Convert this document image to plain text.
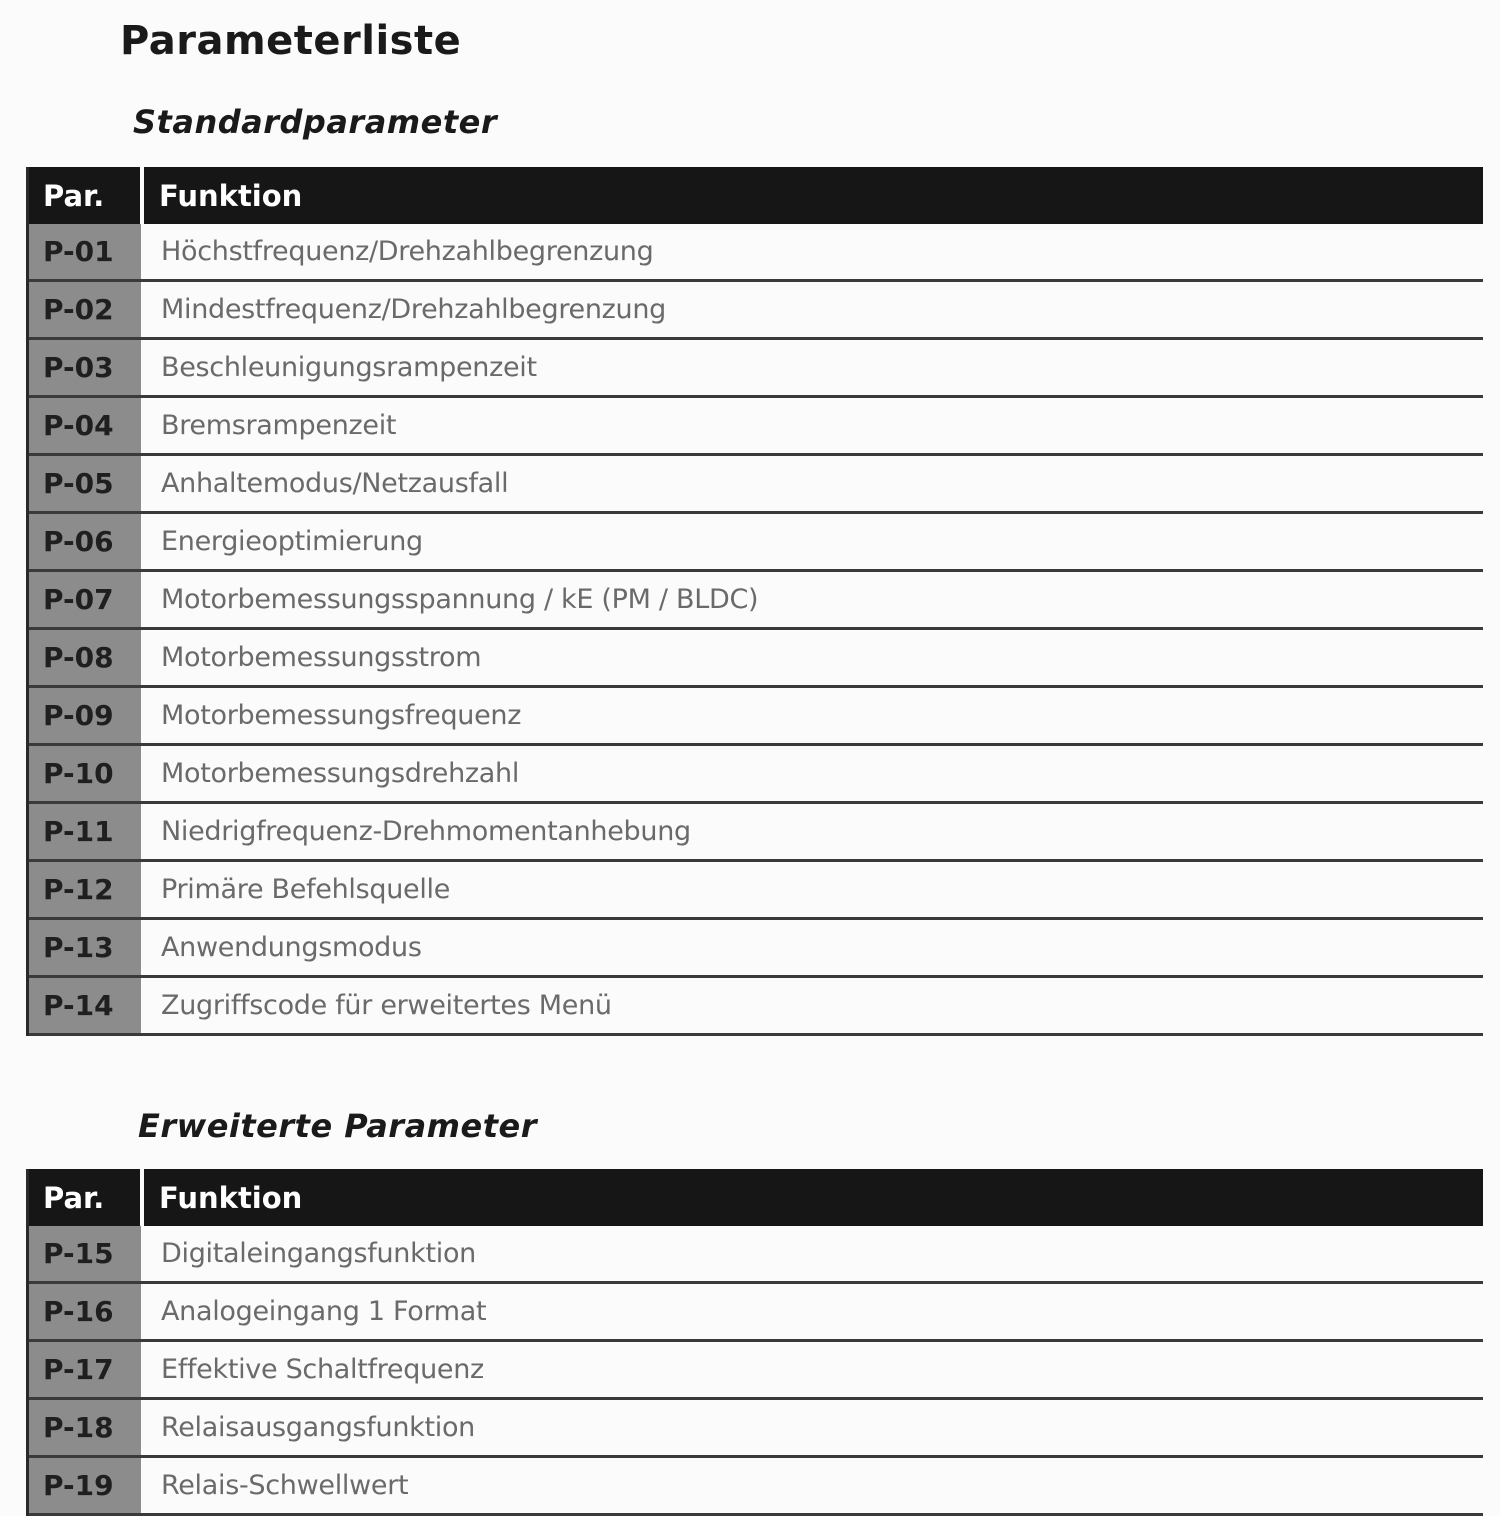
Parameterliste
Standardparameter
Par.	Funktion
P-01	Höchstfrequenz/Drehzahlbegrenzung
P-02	Mindestfrequenz/Drehzahlbegrenzung
P-03	Beschleunigungsrampenzeit
P-04	Bremsrampenzeit
P-05	Anhaltemodus/Netzausfall
P-06	Energieoptimierung
P-07	Motorbemessungsspannung / kE (PM / BLDC)
P-08	Motorbemessungsstrom
P-09	Motorbemessungsfrequenz
P-10	Motorbemessungsdrehzahl
P-11	Niedrigfrequenz-Drehmomentanhebung
P-12	Primäre Befehlsquelle
P-13	Anwendungsmodus
P-14	Zugriffscode für erweitertes Menü
Erweiterte Parameter
Par.	Funktion
P-15	Digitaleingangsfunktion
P-16	Analogeingang 1 Format
P-17	Effektive Schaltfrequenz
P-18	Relaisausgangsfunktion
P-19	Relais-Schwellwert
